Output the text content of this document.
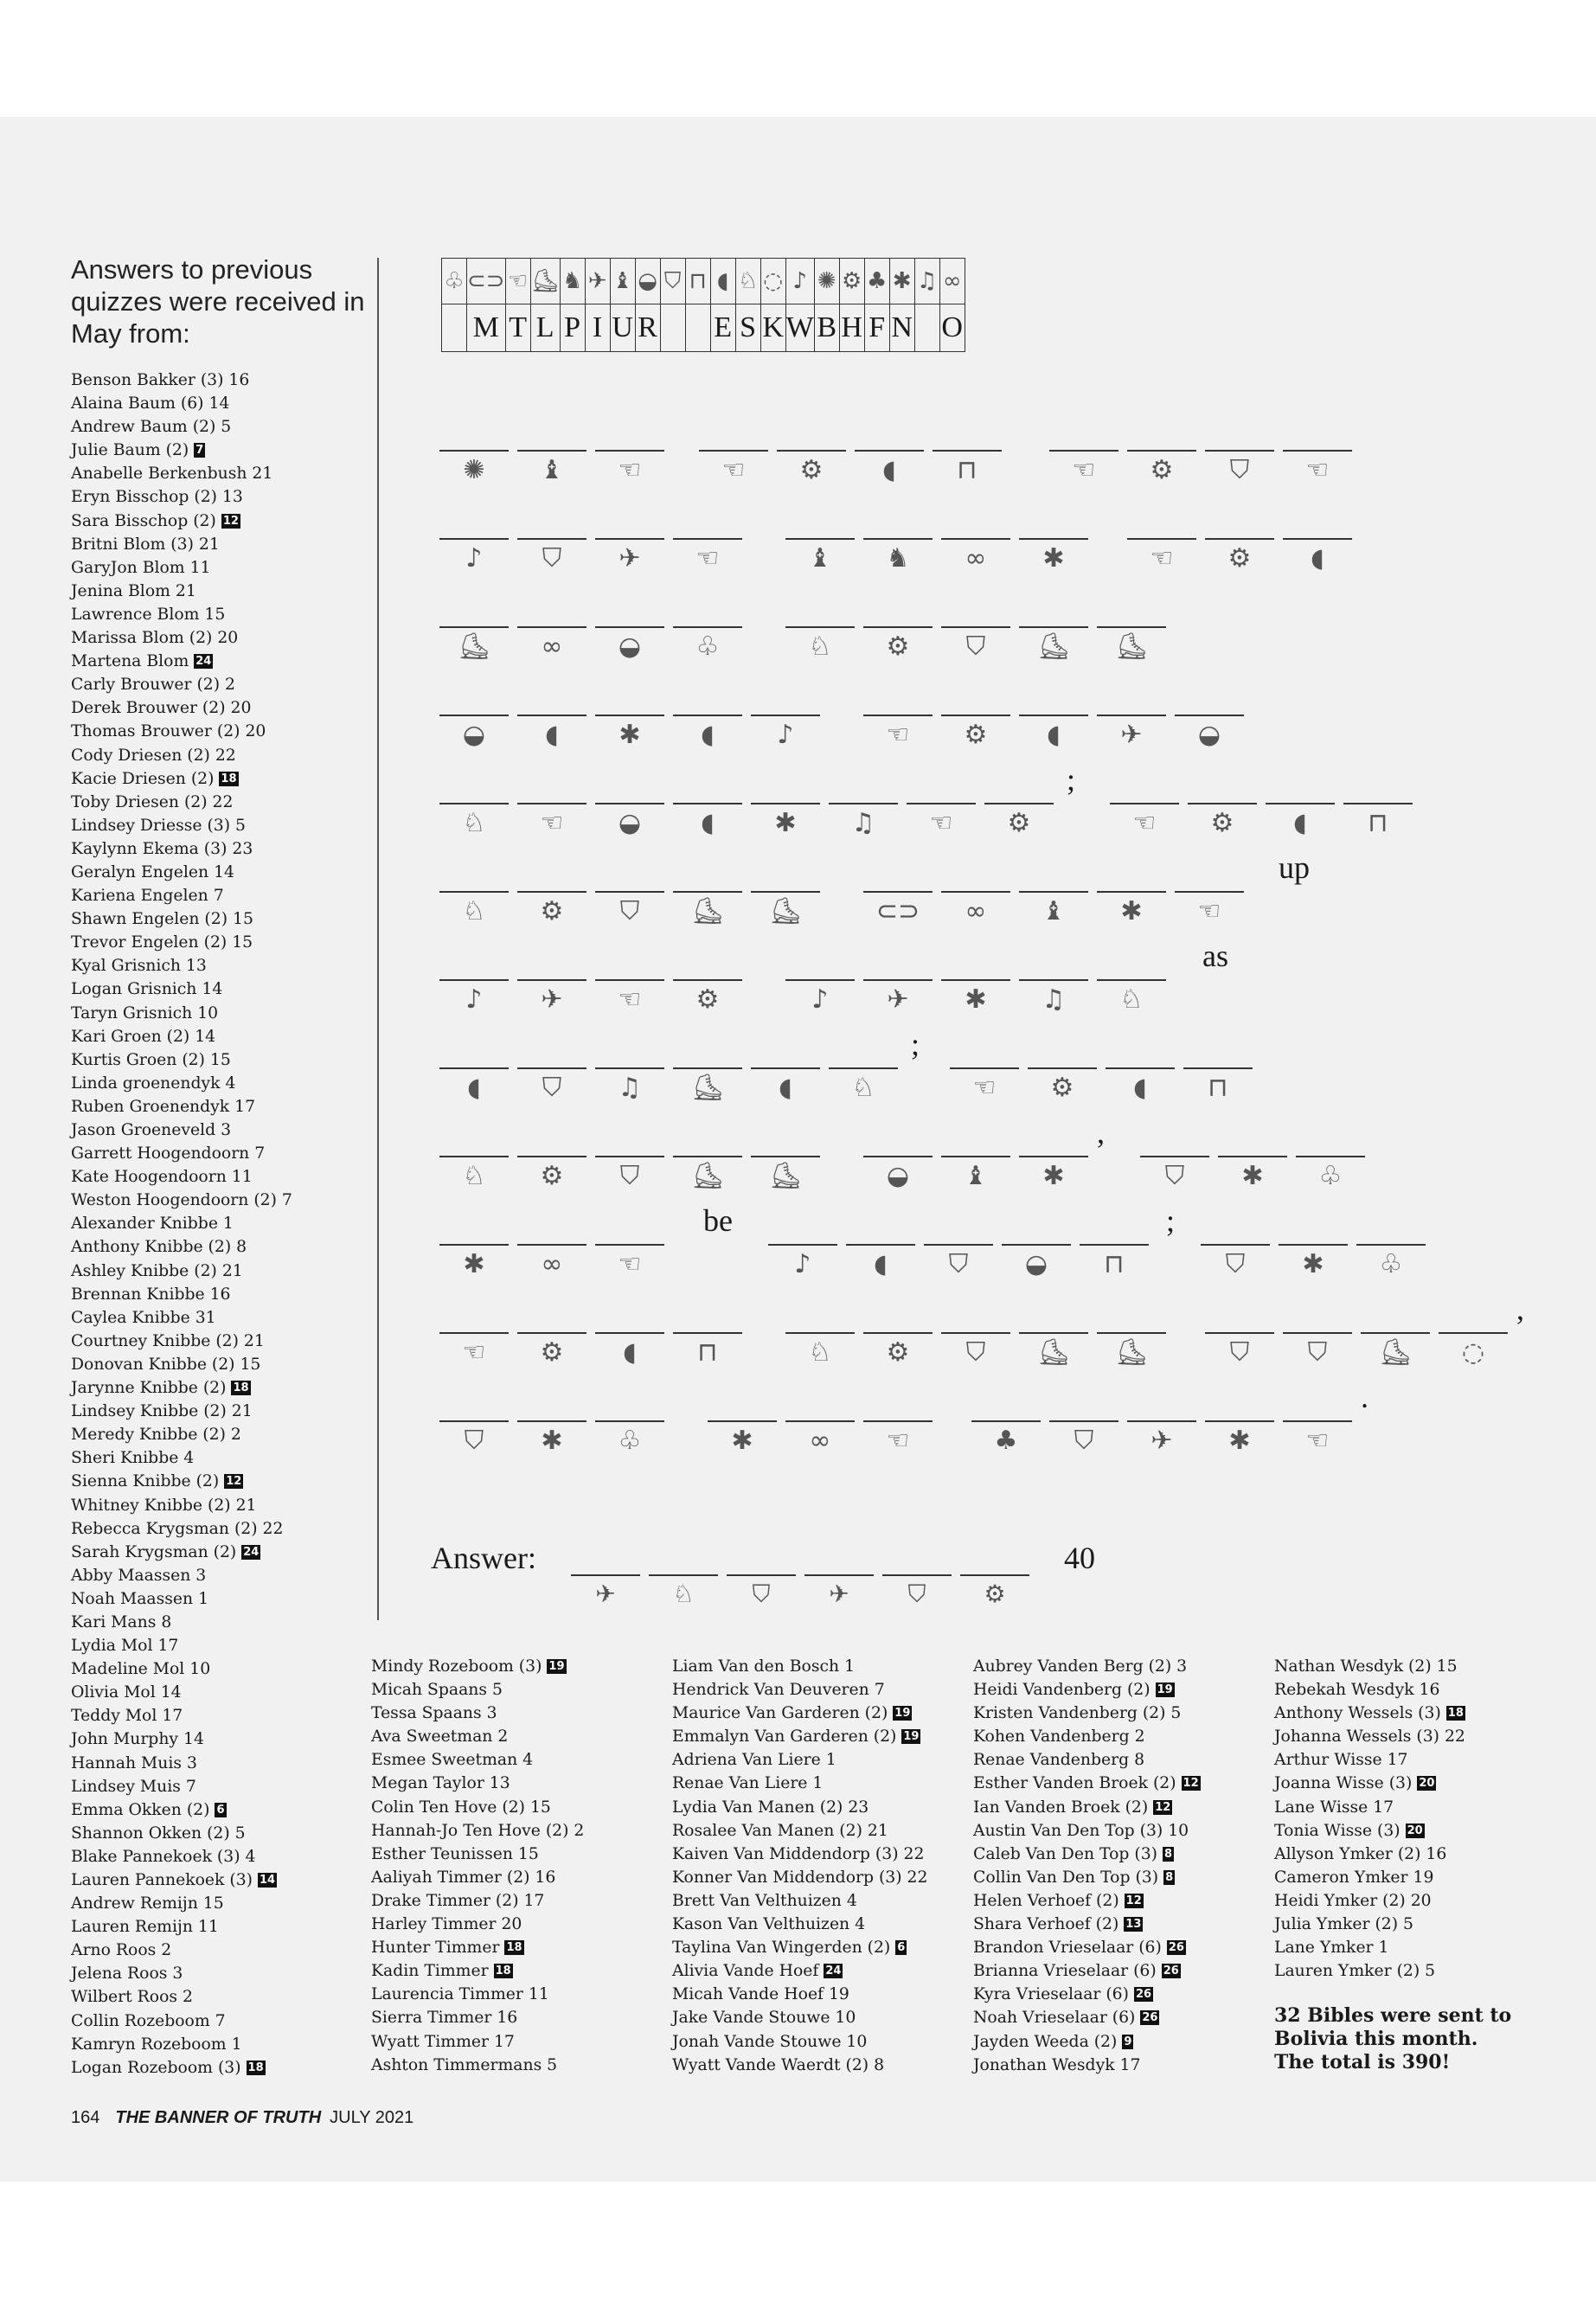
Answers to previous quizzes were received in May from:
Benson Bakker (3) 16
Alaina Baum (6) 14
Andrew Baum (2) 5
Julie Baum (2) 7
Anabelle Berkenbush 21
Eryn Bisschop (2) 13
Sara Bisschop (2) 12
Britni Blom (3) 21
GaryJon Blom 11
Jenina Blom 21
Lawrence Blom 15
Marissa Blom (2) 20
Martena Blom 24
Carly Brouwer (2) 2
Derek Brouwer (2) 20
Thomas Brouwer (2) 20
Cody Driesen (2) 22
Kacie Driesen (2) 18
Toby Driesen (2) 22
Lindsey Driesse (3) 5
Kaylynn Ekema (3) 23
Geralyn Engelen 14
Kariena Engelen 7
Shawn Engelen (2) 15
Trevor Engelen (2) 15
Kyal Grisnich 13
Logan Grisnich 14
Taryn Grisnich 10
Kari Groen (2) 14
Kurtis Groen (2) 15
Linda groenendyk 4
Ruben Groenendyk 17
Jason Groeneveld 3
Garrett Hoogendoorn 7
Kate Hoogendoorn 11
Weston Hoogendoorn (2) 7
Alexander Knibbe 1
Anthony Knibbe (2) 8
Ashley Knibbe (2) 21
Brennan Knibbe 16
Caylea Knibbe 31
Courtney Knibbe (2) 21
Donovan Knibbe (2) 15
Jarynne Knibbe (2) 18
Lindsey Knibbe (2) 21
Meredy Knibbe (2) 2
Sheri Knibbe 4
Sienna Knibbe (2) 12
Whitney Knibbe (2) 21
Rebecca Krygsman (2) 22
Sarah Krygsman (2) 24
Abby Maassen 3
Noah Maassen 1
Kari Mans 8
Lydia Mol 17
Madeline Mol 10
Olivia Mol 14
Teddy Mol 17
John Murphy 14
Hannah Muis 3
Lindsey Muis 7
Emma Okken (2) 6
Shannon Okken (2) 5
Blake Pannekoek (3) 4
Lauren Pannekoek (3) 14
Andrew Remijn 15
Lauren Remijn 11
Arno Roos 2
Jelena Roos 3
Wilbert Roos 2
Collin Rozeboom 7
Kamryn Rozeboom 1
Logan Rozeboom (3) 18
Mindy Rozeboom (3) 19
Micah Spaans 5
Tessa Spaans 3
Ava Sweetman 2
Esmee Sweetman 4
Megan Taylor 13
Colin Ten Hove (2) 15
Hannah-Jo Ten Hove (2) 2
Esther Teunissen 15
Aaliyah Timmer (2) 16
Drake Timmer (2) 17
Harley Timmer 20
Hunter Timmer 18
Kadin Timmer 18
Laurencia Timmer 11
Sierra Timmer 16
Wyatt Timmer 17
Ashton Timmermans 5
Liam Van den Bosch 1
Hendrick Van Deuveren 7
Maurice Van Garderen (2) 19
Emmalyn Van Garderen (2) 19
Adriena Van Liere 1
Renae Van Liere 1
Lydia Van Manen (2) 23
Rosalee Van Manen (2) 21
Kaiven Van Middendorp (3) 22
Konner Van Middendorp (3) 22
Brett Van Velthuizen 4
Kason Van Velthuizen 4
Taylina Van Wingerden (2) 6
Alivia Vande Hoef 24
Micah Vande Hoef 19
Jake Vande Stouwe 10
Jonah Vande Stouwe 10
Wyatt Vande Waerdt (2) 8
Aubrey Vanden Berg (2) 3
Heidi Vandenberg (2) 19
Kristen Vandenberg (2) 5
Kohen Vandenberg 2
Renae Vandenberg 8
Esther Vanden Broek (2) 12
Ian Vanden Broek (2) 12
Austin Van Den Top (3) 10
Caleb Van Den Top (3) 8
Collin Van Den Top (3) 8
Helen Verhoef (2) 12
Shara Verhoef (2) 13
Brandon Vrieselaar (6) 26
Brianna Vrieselaar (6) 26
Kyra Vrieselaar (6) 26
Noah Vrieselaar (6) 26
Jayden Weeda (2) 9
Jonathan Wesdyk 17
Nathan Wesdyk (2) 15
Rebekah Wesdyk 16
Anthony Wessels (3) 18
Johanna Wessels (3) 22
Arthur Wisse 17
Joanna Wisse (3) 20
Lane Wisse 17
Tonia Wisse (3) 20
Allyson Ymker (2) 16
Cameron Ymker 19
Heidi Ymker (2) 20
Julia Ymker (2) 5
Lane Ymker 1
Lauren Ymker (2) 5
♧	⊂⊃	☜	⛸	♞	✈	♝	◒	⛉	⊓	◖	♘	◌	♪	✺	⚙	♣	✱	♫	∞
	M	T	L	P	I	U	R			E	S	K	W	B	H	F	N		O
✺	♝	☜	☜	⚙	◖	⊓	☜	⚙	⛉	☜
♪	⛉	✈	☜	♝	♞	∞	✱	☜	⚙	◖
⛸	∞	◒	♧	♘	⚙	⛉	⛸	⛸
◒	◖	✱	◖	♪	☜	⚙	◖	✈	◒
♘	☜	◒	◖	✱	♫	☜	⚙	☜	⚙	◖	⊓
;
♘	⚙	⛉	⛸	⛸	⊂⊃	∞	♝	✱	☜
up
♪	✈	☜	⚙	♪	✈	✱	♫	♘
as
◖	⛉	♫	⛸	◖	♘	☜	⚙	◖	⊓
;
♘	⚙	⛉	⛸	⛸	◒	♝	✱	⛉	✱	♧
,
✱	∞	☜	♪	◖	⛉	◒	⊓	⛉	✱	♧
be	;
☜	⚙	◖	⊓	♘	⚙	⛉	⛸	⛸	⛉	⛉	⛸	◌
,
⛉	✱	♧	✱	∞	☜	♣	⛉	✈	✱	☜
.
Answer:	40
✈	♘	⛉	✈	⛉	⚙
32 Bibles were sent to
Bolivia this month.
The total is 390!
164 THE BANNER OF TRUTH JULY 2021
